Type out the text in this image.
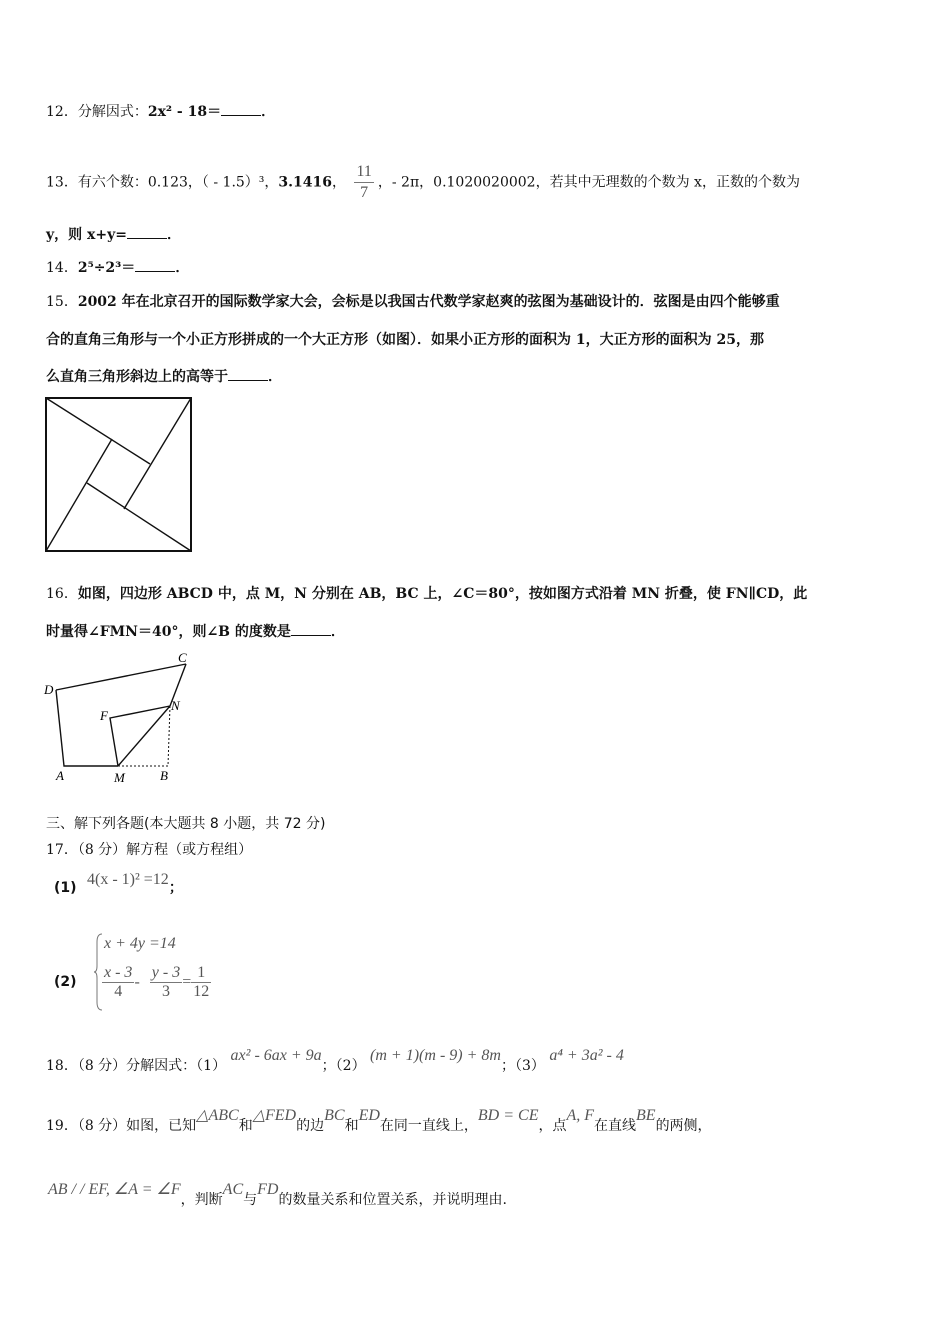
12．分解因式：2x² - 18＝	．
13．有六个数：0.123，（ - 1.5）³，3.1416， $\frac{11}{7}$ ，- 2π，0.1020020002，若其中无理数的个数为 x，正数的个数为
y，则 x+y=	．
14．2⁵÷2³＝	．
15．2002 年在北京召开的国际数学家大会，会标是以我国古代数学家赵爽的弦图为基础设计的．弦图是由四个能够重
合的直角三角形与一个小正方形拼成的一个大正方形（如图）．如果小正方形的面积为 1，大正方形的面积为 25，那
么直角三角形斜边上的高等于	．
16．如图，四边形 ABCD 中，点 M，N 分别在 AB，BC 上，∠C＝80°，按如图方式沿着 MN 折叠，使 FN∥CD，此
时量得∠FMN＝40°，则∠B 的度数是	．
C
D
F
N
A	M	B
三、解下列各题(本大题共 8 小题，共 72 分)
17．（8 分）解方程（或方程组）
(1) 4(x - 1)² =12；
(2)
x + 4y =14
$\frac{x - 3}{4} - \frac{y - 3}{3} = \frac{1}{12}$
18．（8 分）分解因式：（1） ax² - 6ax + 9a；（2） (m + 1)(m - 9) + 8m；（3） a⁴ + 3a² - 4
19．（8 分）如图，已知△ABC和△FED的边BC和ED在同一直线上，BD = CE，点A, F在直线BE的两侧，
AB / / EF, ∠A = ∠F，判断AC与FD的数量关系和位置关系，并说明理由.
